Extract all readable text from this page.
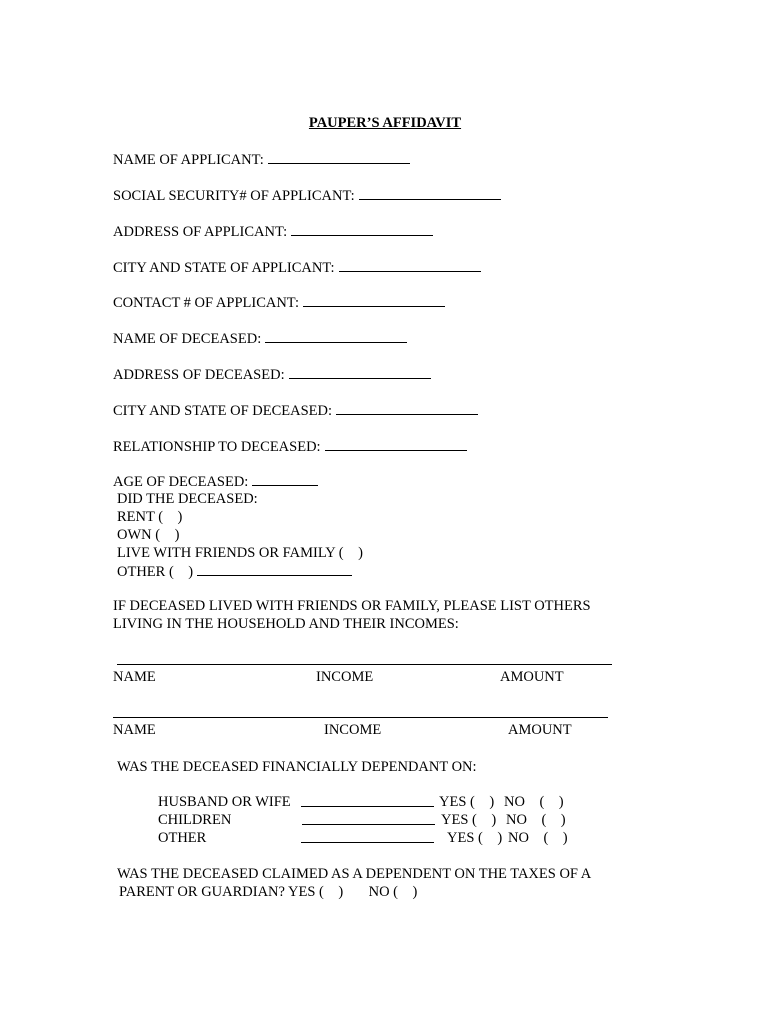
PAUPER’S AFFIDAVIT
NAME OF APPLICANT:
SOCIAL SECURITY# OF APPLICANT:
ADDRESS OF APPLICANT:
CITY AND STATE OF APPLICANT:
CONTACT # OF APPLICANT:
NAME OF DECEASED:
ADDRESS OF DECEASED:
CITY AND STATE OF DECEASED:
RELATIONSHIP TO DECEASED:
AGE OF DECEASED:
DID THE DECEASED:
RENT (    )
OWN (    )
LIVE WITH FRIENDS OR FAMILY (    )
OTHER (    )
IF DECEASED LIVED WITH FRIENDS OR FAMILY, PLEASE LIST OTHERS
LIVING IN THE HOUSEHOLD AND THEIR INCOMES:
NAME	INCOME	AMOUNT
NAME	INCOME	AMOUNT
WAS THE DECEASED FINANCIALLY DEPENDANT ON:
HUSBAND OR WIFE	YES (    ) NO    (    )
CHILDREN	YES (    ) NO    (    )
OTHER	YES (    ) NO    (    )
WAS THE DECEASED CLAIMED AS A DEPENDENT ON THE TAXES OF A
PARENT OR GUARDIAN? YES (    )       NO (    )
